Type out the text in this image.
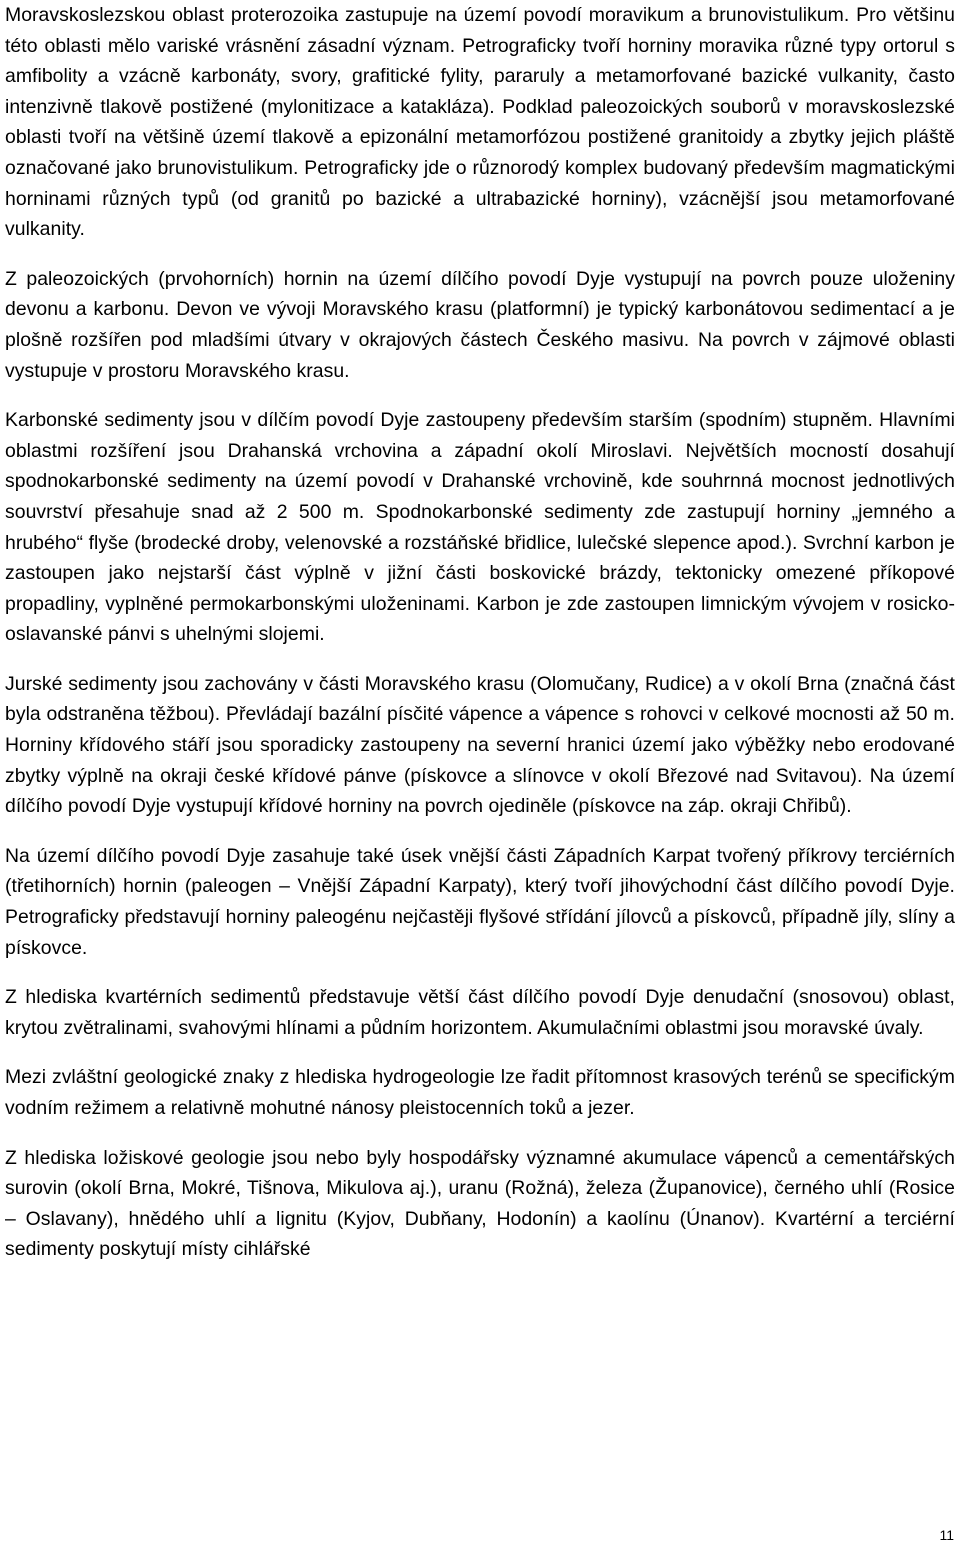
Moravskoslezskou oblast proterozoika zastupuje na území povodí moravikum a brunovistulikum. Pro většinu této oblasti mělo variské vrásnění zásadní význam. Petrograficky tvoří horniny moravika různé typy ortorul s amfibolity a vzácně karbonáty, svory, grafitické fylity, pararuly a metamorfované bazické vulkanity, často intenzivně tlakově postižené (mylonitizace a katakláza). Podklad paleozoických souborů v moravskoslezské oblasti tvoří na většině území tlakově a epizonální metamorfózou postižené granitoidy a zbytky jejich pláště označované jako brunovistulikum. Petrograficky jde o různorodý komplex budovaný především magmatickými horninami různých typů (od granitů po bazické a ultrabazické horniny), vzácnější jsou metamorfované vulkanity.

Z paleozoických (prvohorních) hornin na území dílčího povodí Dyje vystupují na povrch pouze uloženiny devonu a karbonu. Devon ve vývoji Moravského krasu (platformní) je typický karbonátovou sedimentací a je plošně rozšířen pod mladšími útvary v okrajových částech Českého masivu. Na povrch v zájmové oblasti vystupuje v prostoru Moravského krasu.

Karbonské sedimenty jsou v dílčím povodí Dyje zastoupeny především starším (spodním) stupněm. Hlavními oblastmi rozšíření jsou Drahanská vrchovina a západní okolí Miroslavi. Největších mocností dosahují spodnokarbonské sedimenty na území povodí v Drahanské vrchovině, kde souhrnná mocnost jednotlivých souvrství přesahuje snad až 2 500 m. Spodnokarbonské sedimenty zde zastupují horniny „jemného a hrubého“ flyše (brodecké droby, velenovské a rozstáňské břidlice, lulečské slepence apod.). Svrchní karbon je zastoupen jako nejstarší část výplně v jižní části boskovické brázdy, tektonicky omezené příkopové propadliny, vyplněné permokarbonskými uloženinami. Karbon je zde zastoupen limnickým vývojem v rosicko-oslavanské pánvi s uhelnými slojemi.

Jurské sedimenty jsou zachovány v části Moravského krasu (Olomučany, Rudice) a v okolí Brna (značná část byla odstraněna těžbou). Převládají bazální písčité vápence a vápence s rohovci v celkové mocnosti až 50 m. Horniny křídového stáří jsou sporadicky zastoupeny na severní hranici území jako výběžky nebo erodované zbytky výplně na okraji české křídové pánve (pískovce a slínovce v okolí Březové nad Svitavou). Na území dílčího povodí Dyje vystupují křídové horniny na povrch ojediněle (pískovce na záp. okraji Chřibů).

Na území dílčího povodí Dyje zasahuje také úsek vnější části Západních Karpat tvořený příkrovy terciérních (třetihorních) hornin (paleogen – Vnější Západní Karpaty), který tvoří jihovýchodní část dílčího povodí Dyje. Petrograficky představují horniny paleogénu nejčastěji flyšové střídání jílovců a pískovců, případně jíly, slíny a pískovce.

Z hlediska kvartérních sedimentů představuje větší část dílčího povodí Dyje denudační (snosovou) oblast, krytou zvětralinami, svahovými hlínami a půdním horizontem. Akumulačními oblastmi jsou moravské úvaly.

Mezi zvláštní geologické znaky z hlediska hydrogeologie lze řadit přítomnost krasových terénů se specifickým vodním režimem a relativně mohutné nánosy pleistocenních toků a jezer.

Z hlediska ložiskové geologie jsou nebo byly hospodářsky významné akumulace vápenců a cementářských surovin (okolí Brna, Mokré, Tišnova, Mikulova aj.), uranu (Rožná), železa (Županovice), černého uhlí (Rosice – Oslavany), hnědého uhlí a lignitu (Kyjov, Dubňany, Hodonín) a kaolínu (Únanov). Kvartérní a terciérní sedimenty poskytují místy cihlářské

11
